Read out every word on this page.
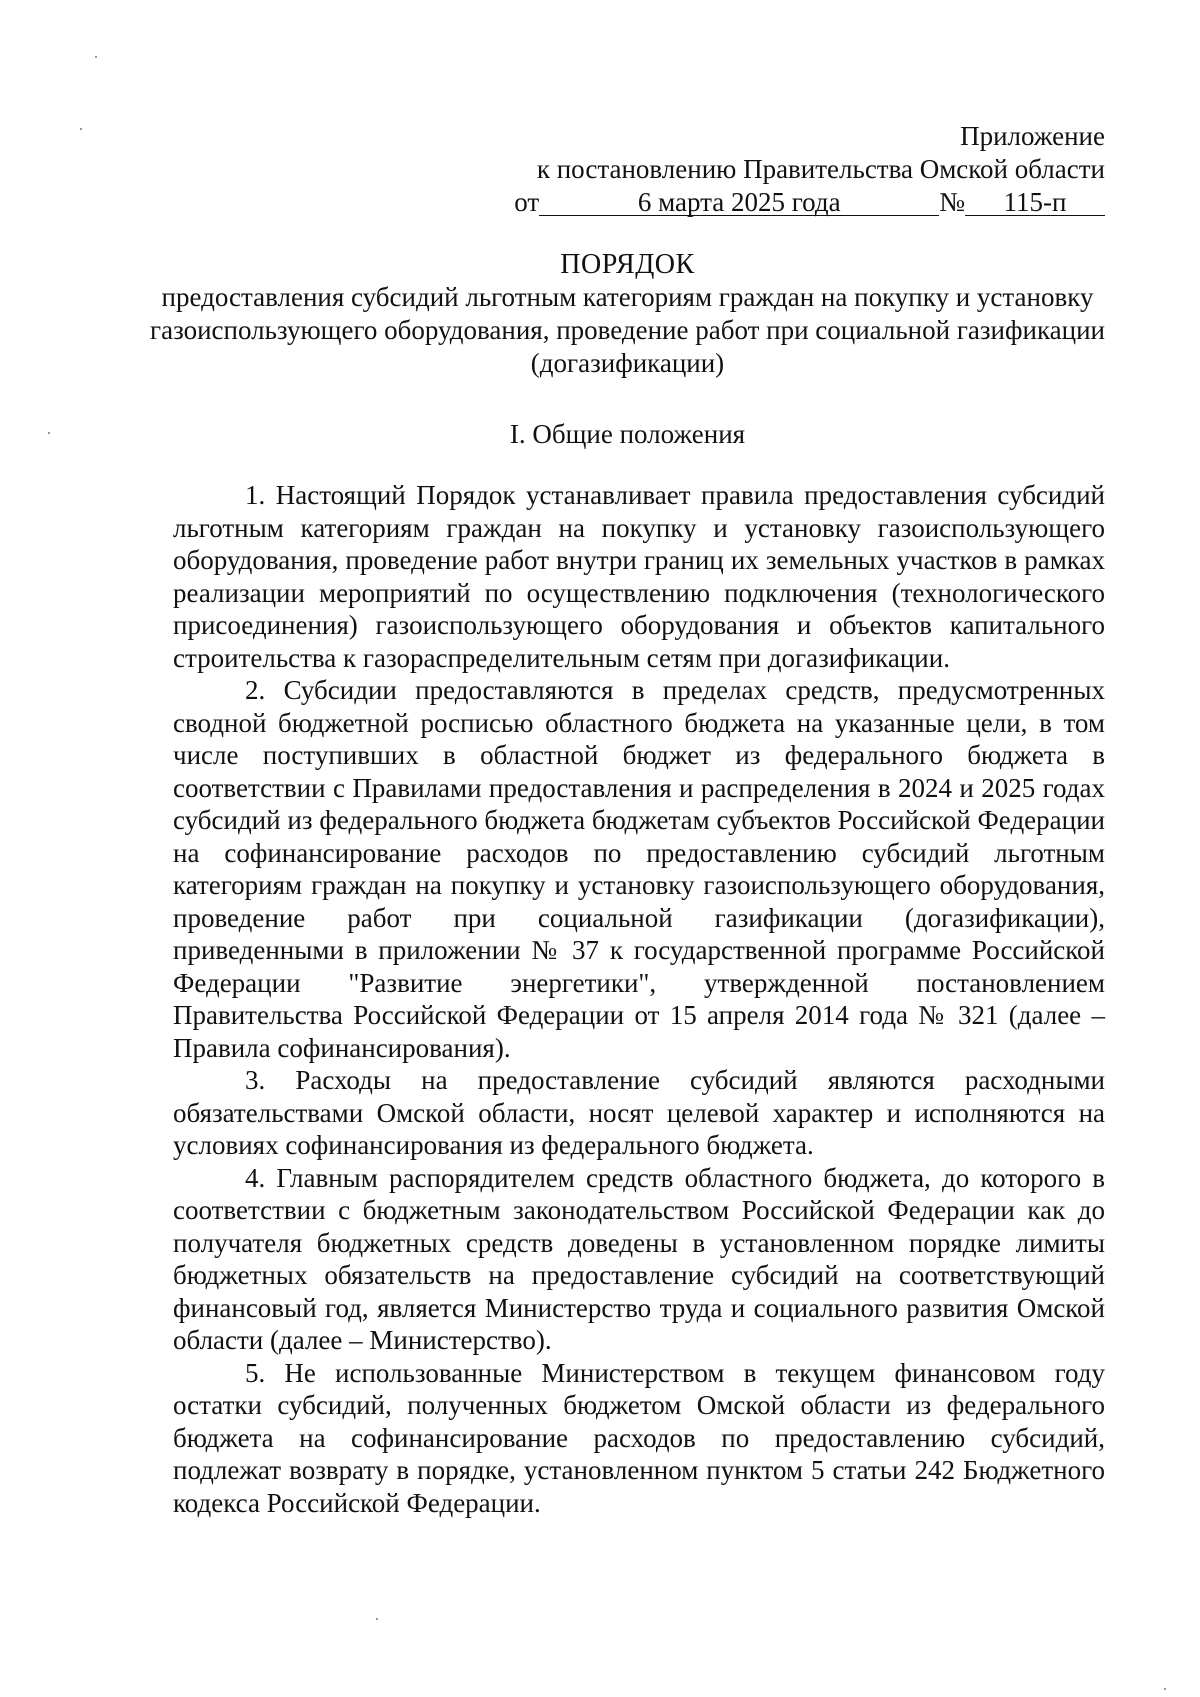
Приложение
к постановлению Правительства Омской области
от	6 марта 2025 года	№ 115-п
ПОРЯДОК
предоставления субсидий льготным категориям граждан на покупку и установку газоиспользующего оборудования, проведение работ при социальной газификации (догазификации)
I. Общие положения

1. Настоящий Порядок устанавливает правила предоставления субсидий льготным категориям граждан на покупку и установку газоиспользующего оборудования, проведение работ внутри границ их земельных участков в рамках реализации мероприятий по осуществлению подключения (технологического присоединения) газоиспользующего оборудования и объектов капитального строительства к газораспределительным сетям при догазификации.

2. Субсидии предоставляются в пределах средств, предусмотренных сводной бюджетной росписью областного бюджета на указанные цели, в том числе поступивших в областной бюджет из федерального бюджета в соответствии с Правилами предоставления и распределения в 2024 и 2025 годах субсидий из федерального бюджета бюджетам субъектов Российской Федерации на софинансирование расходов по предоставлению субсидий льготным категориям граждан на покупку и установку газоиспользующего оборудования, проведение работ при социальной газификации (догазификации), приведенными в приложении № 37 к государственной программе Российской Федерации "Развитие энергетики", утвержденной постановлением Правительства Российской Федерации от 15 апреля 2014 года № 321 (далее – Правила софинансирования).

3. Расходы на предоставление субсидий являются расходными обязательствами Омской области, носят целевой характер и исполняются на условиях софинансирования из федерального бюджета.

4. Главным распорядителем средств областного бюджета, до которого в соответствии с бюджетным законодательством Российской Федерации как до получателя бюджетных средств доведены в установленном порядке лимиты бюджетных обязательств на предоставление субсидий на соответствующий финансовый год, является Министерство труда и социального развития Омской области (далее – Министерство).

5. Не использованные Министерством в текущем финансовом году остатки субсидий, полученных бюджетом Омской области из федерального бюджета на софинансирование расходов по предоставлению субсидий, подлежат возврату в порядке, установленном пунктом 5 статьи 242 Бюджетного кодекса Российской Федерации.
